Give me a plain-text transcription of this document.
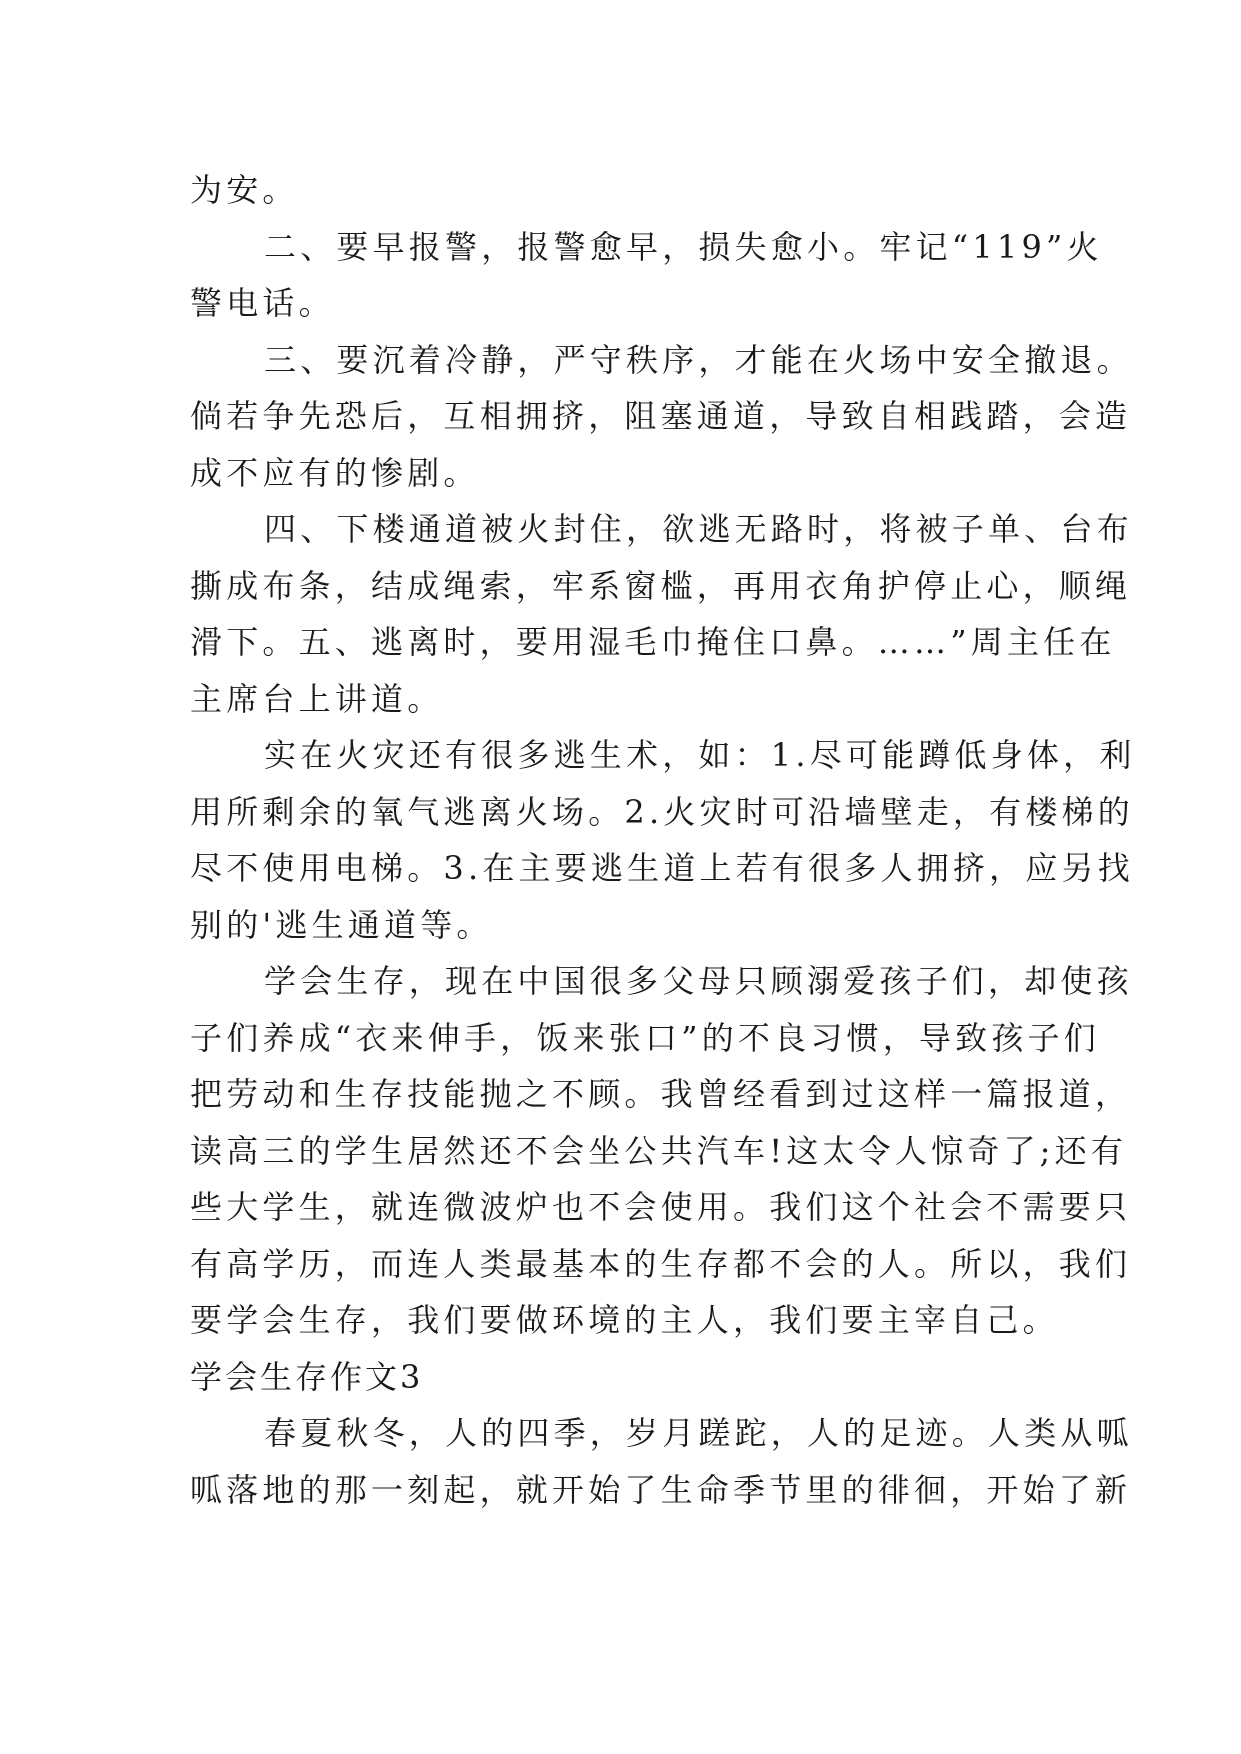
为安。
二、要早报警，报警愈早，损失愈小。牢记“119”火
警电话。
三、要沉着冷静，严守秩序，才能在火场中安全撤退。
倘若争先恐后，互相拥挤，阻塞通道，导致自相践踏，会造
成不应有的惨剧。
四、下楼通道被火封住，欲逃无路时，将被子单、台布
撕成布条，结成绳索，牢系窗槛，再用衣角护停止心，顺绳
滑下。五、逃离时，要用湿毛巾掩住口鼻。……”周主任在
主席台上讲道。
实在火灾还有很多逃生术，如：1.尽可能蹲低身体，利
用所剩余的氧气逃离火场。2.火灾时可沿墙壁走，有楼梯的
尽不使用电梯。3.在主要逃生道上若有很多人拥挤，应另找
别的'逃生通道等。
学会生存，现在中国很多父母只顾溺爱孩子们，却使孩
子们养成“衣来伸手，饭来张口”的不良习惯，导致孩子们
把劳动和生存技能抛之不顾。我曾经看到过这样一篇报道，
读高三的学生居然还不会坐公共汽车!这太令人惊奇了;还有
些大学生，就连微波炉也不会使用。我们这个社会不需要只
有高学历，而连人类最基本的生存都不会的人。所以，我们
要学会生存，我们要做环境的主人，我们要主宰自己。
学会生存作文3
春夏秋冬，人的四季，岁月蹉跎，人的足迹。人类从呱
呱落地的那一刻起，就开始了生命季节里的徘徊，开始了新
